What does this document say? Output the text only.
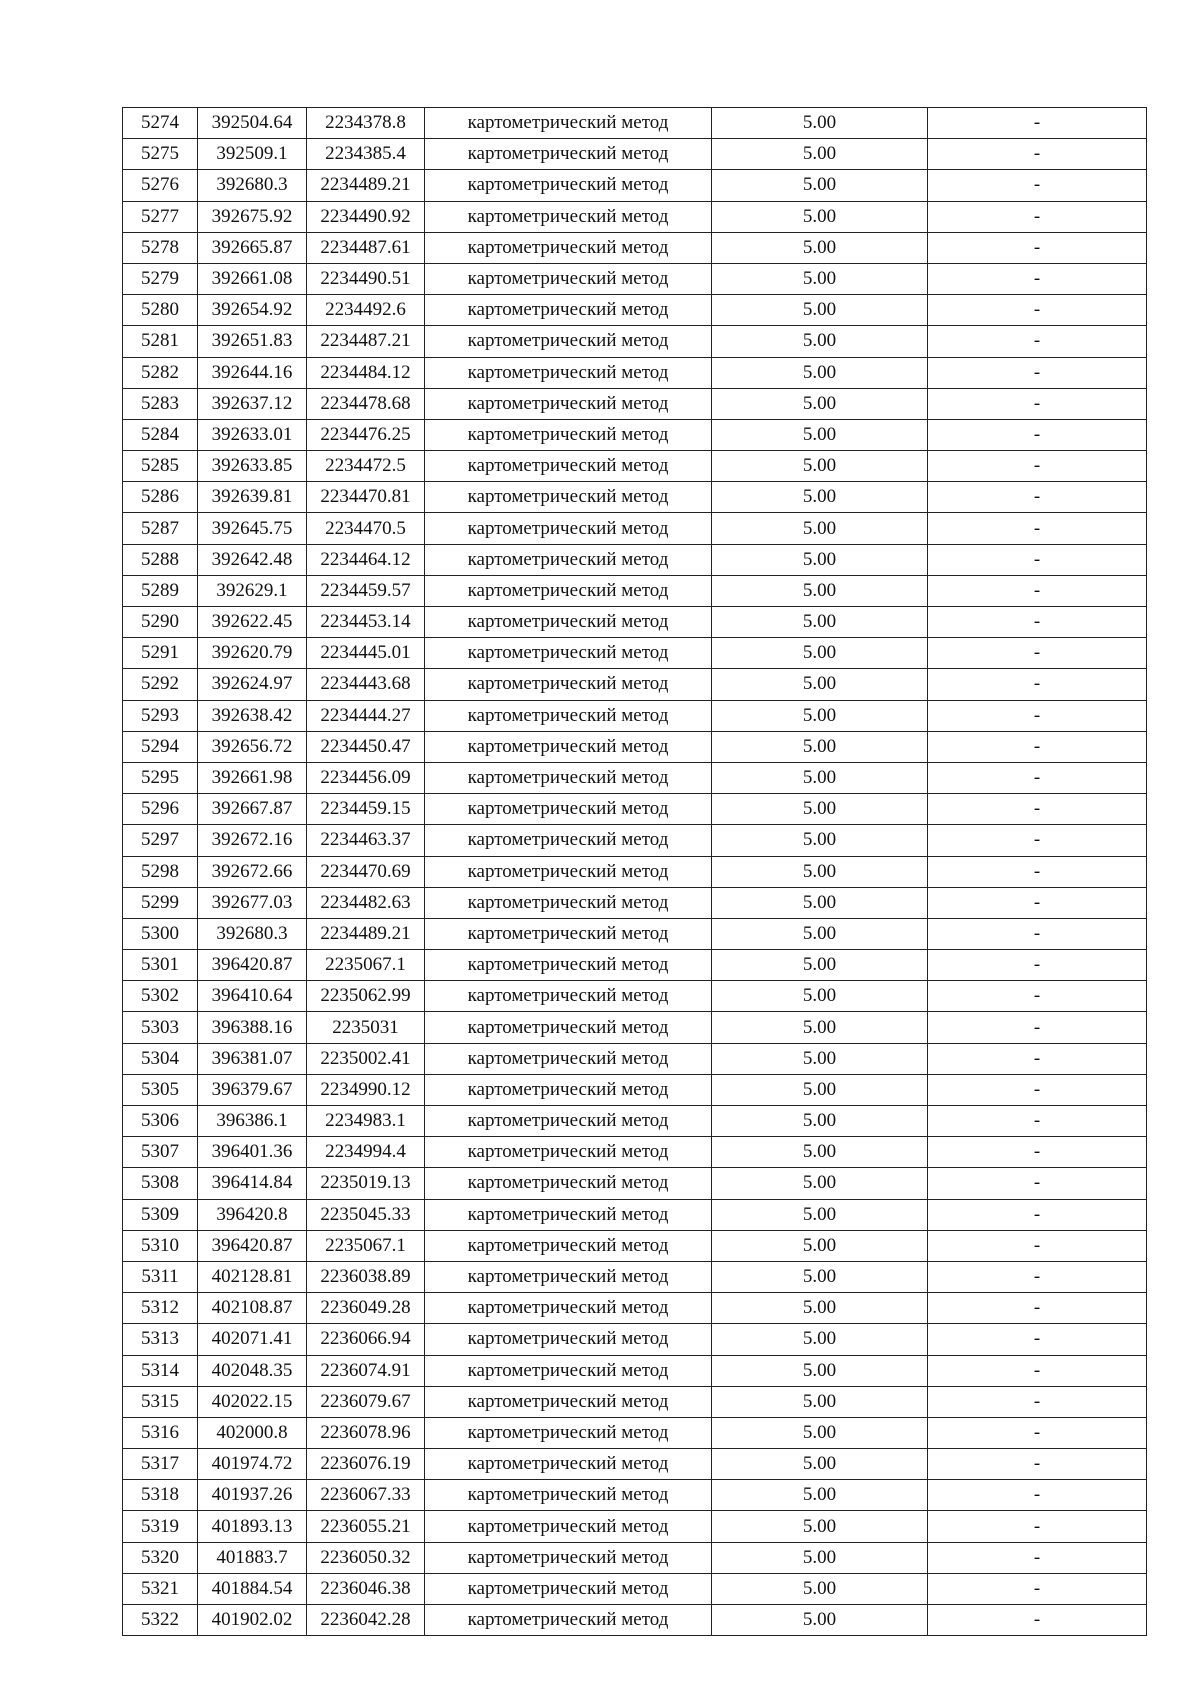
5274	392504.64	2234378.8	картометрический метод	5.00	-
5275	392509.1	2234385.4	картометрический метод	5.00	-
5276	392680.3	2234489.21	картометрический метод	5.00	-
5277	392675.92	2234490.92	картометрический метод	5.00	-
5278	392665.87	2234487.61	картометрический метод	5.00	-
5279	392661.08	2234490.51	картометрический метод	5.00	-
5280	392654.92	2234492.6	картометрический метод	5.00	-
5281	392651.83	2234487.21	картометрический метод	5.00	-
5282	392644.16	2234484.12	картометрический метод	5.00	-
5283	392637.12	2234478.68	картометрический метод	5.00	-
5284	392633.01	2234476.25	картометрический метод	5.00	-
5285	392633.85	2234472.5	картометрический метод	5.00	-
5286	392639.81	2234470.81	картометрический метод	5.00	-
5287	392645.75	2234470.5	картометрический метод	5.00	-
5288	392642.48	2234464.12	картометрический метод	5.00	-
5289	392629.1	2234459.57	картометрический метод	5.00	-
5290	392622.45	2234453.14	картометрический метод	5.00	-
5291	392620.79	2234445.01	картометрический метод	5.00	-
5292	392624.97	2234443.68	картометрический метод	5.00	-
5293	392638.42	2234444.27	картометрический метод	5.00	-
5294	392656.72	2234450.47	картометрический метод	5.00	-
5295	392661.98	2234456.09	картометрический метод	5.00	-
5296	392667.87	2234459.15	картометрический метод	5.00	-
5297	392672.16	2234463.37	картометрический метод	5.00	-
5298	392672.66	2234470.69	картометрический метод	5.00	-
5299	392677.03	2234482.63	картометрический метод	5.00	-
5300	392680.3	2234489.21	картометрический метод	5.00	-
5301	396420.87	2235067.1	картометрический метод	5.00	-
5302	396410.64	2235062.99	картометрический метод	5.00	-
5303	396388.16	2235031	картометрический метод	5.00	-
5304	396381.07	2235002.41	картометрический метод	5.00	-
5305	396379.67	2234990.12	картометрический метод	5.00	-
5306	396386.1	2234983.1	картометрический метод	5.00	-
5307	396401.36	2234994.4	картометрический метод	5.00	-
5308	396414.84	2235019.13	картометрический метод	5.00	-
5309	396420.8	2235045.33	картометрический метод	5.00	-
5310	396420.87	2235067.1	картометрический метод	5.00	-
5311	402128.81	2236038.89	картометрический метод	5.00	-
5312	402108.87	2236049.28	картометрический метод	5.00	-
5313	402071.41	2236066.94	картометрический метод	5.00	-
5314	402048.35	2236074.91	картометрический метод	5.00	-
5315	402022.15	2236079.67	картометрический метод	5.00	-
5316	402000.8	2236078.96	картометрический метод	5.00	-
5317	401974.72	2236076.19	картометрический метод	5.00	-
5318	401937.26	2236067.33	картометрический метод	5.00	-
5319	401893.13	2236055.21	картометрический метод	5.00	-
5320	401883.7	2236050.32	картометрический метод	5.00	-
5321	401884.54	2236046.38	картометрический метод	5.00	-
5322	401902.02	2236042.28	картометрический метод	5.00	-
